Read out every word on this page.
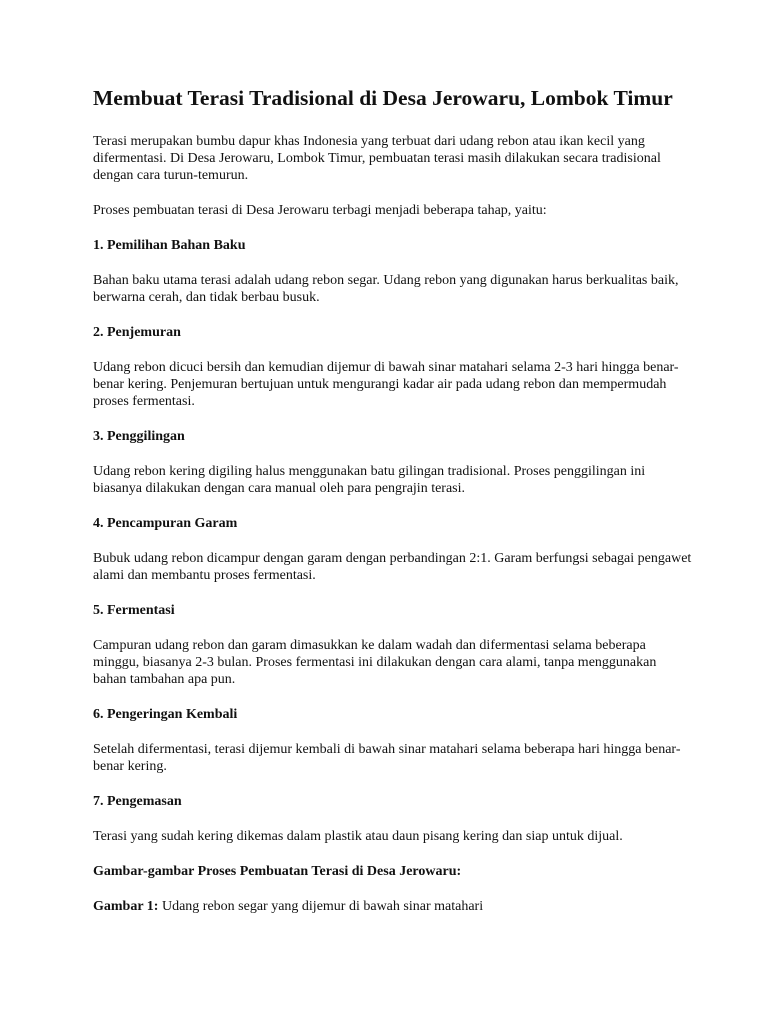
Membuat Terasi Tradisional di Desa Jerowaru, Lombok Timur

Terasi merupakan bumbu dapur khas Indonesia yang terbuat dari udang rebon atau ikan kecil yang difermentasi. Di Desa Jerowaru, Lombok Timur, pembuatan terasi masih dilakukan secara tradisional dengan cara turun-temurun.

Proses pembuatan terasi di Desa Jerowaru terbagi menjadi beberapa tahap, yaitu:

1. Pemilihan Bahan Baku

Bahan baku utama terasi adalah udang rebon segar. Udang rebon yang digunakan harus berkualitas baik, berwarna cerah, dan tidak berbau busuk.

2. Penjemuran

Udang rebon dicuci bersih dan kemudian dijemur di bawah sinar matahari selama 2-3 hari hingga benar-benar kering. Penjemuran bertujuan untuk mengurangi kadar air pada udang rebon dan mempermudah proses fermentasi.

3. Penggilingan

Udang rebon kering digiling halus menggunakan batu gilingan tradisional. Proses penggilingan ini biasanya dilakukan dengan cara manual oleh para pengrajin terasi.

4. Pencampuran Garam

Bubuk udang rebon dicampur dengan garam dengan perbandingan 2:1. Garam berfungsi sebagai pengawet alami dan membantu proses fermentasi.

5. Fermentasi

Campuran udang rebon dan garam dimasukkan ke dalam wadah dan difermentasi selama beberapa minggu, biasanya 2-3 bulan. Proses fermentasi ini dilakukan dengan cara alami, tanpa menggunakan bahan tambahan apa pun.

6. Pengeringan Kembali

Setelah difermentasi, terasi dijemur kembali di bawah sinar matahari selama beberapa hari hingga benar-benar kering.

7. Pengemasan

Terasi yang sudah kering dikemas dalam plastik atau daun pisang kering dan siap untuk dijual.

Gambar-gambar Proses Pembuatan Terasi di Desa Jerowaru:

Gambar 1: Udang rebon segar yang dijemur di bawah sinar matahari
